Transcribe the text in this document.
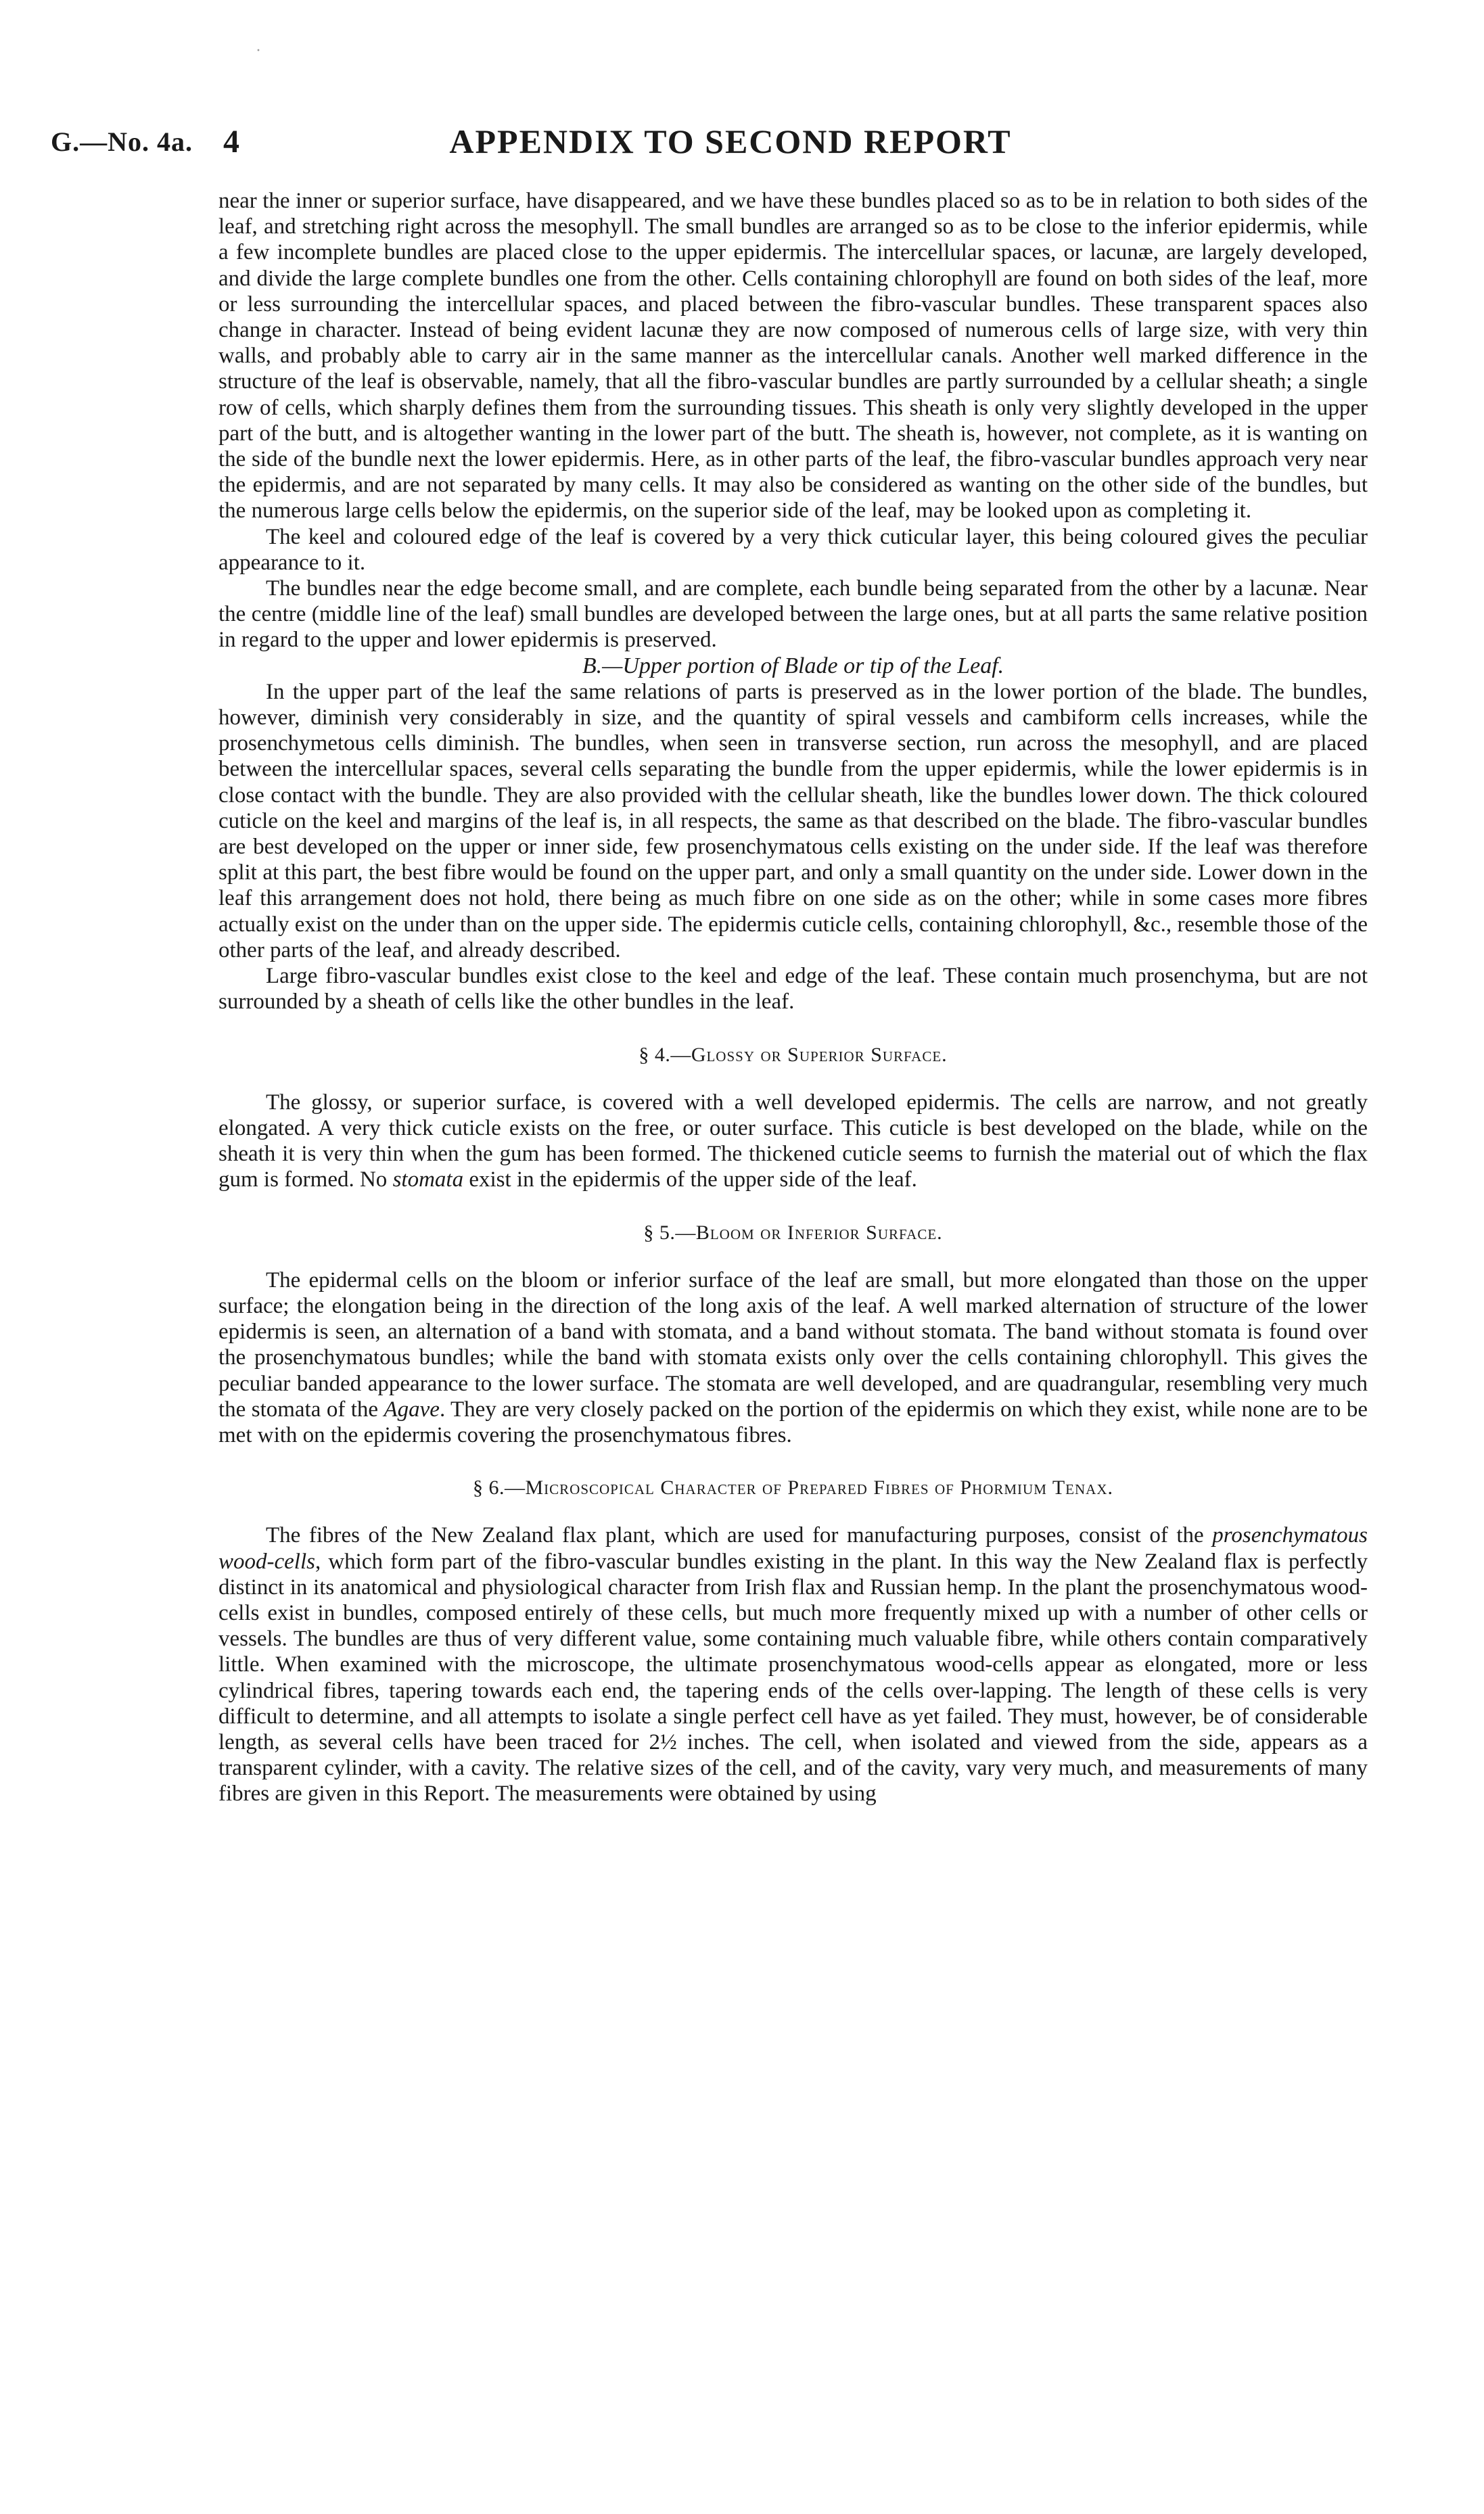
G.—No. 4a. 4	APPENDIX TO SECOND REPORT

near the inner or superior surface, have disappeared, and we have these bundles placed so as to be in relation to both sides of the leaf, and stretching right across the mesophyll. The small bundles are arranged so as to be close to the inferior epidermis, while a few incomplete bundles are placed close to the upper epidermis. The intercellular spaces, or lacunæ, are largely developed, and divide the large complete bundles one from the other. Cells containing chlorophyll are found on both sides of the leaf, more or less surrounding the intercellular spaces, and placed between the fibro-vascular bundles. These transparent spaces also change in character. Instead of being evident lacunæ they are now composed of numerous cells of large size, with very thin walls, and probably able to carry air in the same manner as the intercellular canals. Another well marked difference in the structure of the leaf is observable, namely, that all the fibro-vascular bundles are partly surrounded by a cellular sheath; a single row of cells, which sharply defines them from the surrounding tissues. This sheath is only very slightly developed in the upper part of the butt, and is altogether wanting in the lower part of the butt. The sheath is, however, not complete, as it is wanting on the side of the bundle next the lower epidermis. Here, as in other parts of the leaf, the fibro-vascular bundles approach very near the epidermis, and are not separated by many cells. It may also be considered as wanting on the other side of the bundles, but the numerous large cells below the epidermis, on the superior side of the leaf, may be looked upon as completing it.

The keel and coloured edge of the leaf is covered by a very thick cuticular layer, this being coloured gives the peculiar appearance to it.

The bundles near the edge become small, and are complete, each bundle being separated from the other by a lacunæ. Near the centre (middle line of the leaf) small bundles are developed between the large ones, but at all parts the same relative position in regard to the upper and lower epidermis is preserved.

B.—Upper portion of Blade or tip of the Leaf.

In the upper part of the leaf the same relations of parts is preserved as in the lower portion of the blade. The bundles, however, diminish very considerably in size, and the quantity of spiral vessels and cambiform cells increases, while the prosenchymetous cells diminish. The bundles, when seen in transverse section, run across the mesophyll, and are placed between the intercellular spaces, several cells separating the bundle from the upper epidermis, while the lower epidermis is in close contact with the bundle. They are also provided with the cellular sheath, like the bundles lower down. The thick coloured cuticle on the keel and margins of the leaf is, in all respects, the same as that described on the blade. The fibro-vascular bundles are best developed on the upper or inner side, few prosenchymatous cells existing on the under side. If the leaf was therefore split at this part, the best fibre would be found on the upper part, and only a small quantity on the under side. Lower down in the leaf this arrangement does not hold, there being as much fibre on one side as on the other; while in some cases more fibres actually exist on the under than on the upper side. The epidermis cuticle cells, containing chlorophyll, &c., resemble those of the other parts of the leaf, and already described.

Large fibro-vascular bundles exist close to the keel and edge of the leaf. These contain much prosenchyma, but are not surrounded by a sheath of cells like the other bundles in the leaf.

§ 4.—Glossy or Superior Surface.

The glossy, or superior surface, is covered with a well developed epidermis. The cells are narrow, and not greatly elongated. A very thick cuticle exists on the free, or outer surface. This cuticle is best developed on the blade, while on the sheath it is very thin when the gum has been formed. The thickened cuticle seems to furnish the material out of which the flax gum is formed. No stomata exist in the epidermis of the upper side of the leaf.

§ 5.—Bloom or Inferior Surface.

The epidermal cells on the bloom or inferior surface of the leaf are small, but more elongated than those on the upper surface; the elongation being in the direction of the long axis of the leaf. A well marked alternation of structure of the lower epidermis is seen, an alternation of a band with stomata, and a band without stomata. The band without stomata is found over the prosenchymatous bundles; while the band with stomata exists only over the cells containing chlorophyll. This gives the peculiar banded appearance to the lower surface. The stomata are well developed, and are quadrangular, resembling very much the stomata of the Agave. They are very closely packed on the portion of the epidermis on which they exist, while none are to be met with on the epidermis covering the prosenchymatous fibres.

§ 6.—Microscopical Character of Prepared Fibres of Phormium Tenax.

The fibres of the New Zealand flax plant, which are used for manufacturing purposes, consist of the prosenchymatous wood-cells, which form part of the fibro-vascular bundles existing in the plant. In this way the New Zealand flax is perfectly distinct in its anatomical and physiological character from Irish flax and Russian hemp. In the plant the prosenchymatous wood-cells exist in bundles, composed entirely of these cells, but much more frequently mixed up with a number of other cells or vessels. The bundles are thus of very different value, some containing much valuable fibre, while others contain comparatively little. When examined with the microscope, the ultimate prosenchymatous wood-cells appear as elongated, more or less cylindrical fibres, tapering towards each end, the tapering ends of the cells over-lapping. The length of these cells is very difficult to determine, and all attempts to isolate a single perfect cell have as yet failed. They must, however, be of considerable length, as several cells have been traced for 2½ inches. The cell, when isolated and viewed from the side, appears as a transparent cylinder, with a cavity. The relative sizes of the cell, and of the cavity, vary very much, and measurements of many fibres are given in this Report. The measurements were obtained by using

·
